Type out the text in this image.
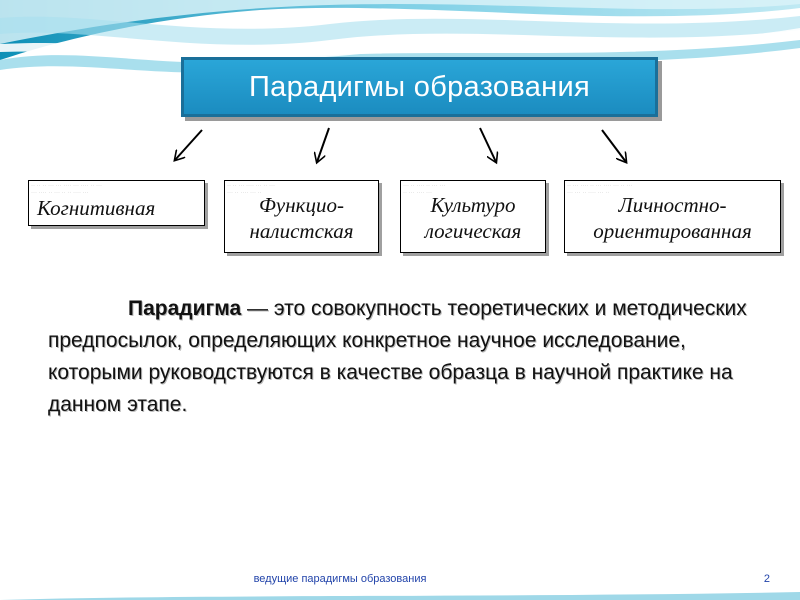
Парадигмы образования
·· ·· ·· ··· ··· ···· ··· ···· ·· ···
··· ···· ·· ··· ·· ·· ···· ···
Когнитивная
·· ·· ··· ···· ··· ·· ···
··· ·· ···· ··· ··
Функцио-
налистская
··· ·· ···· ·· ··· ···
·· ··· ···· ···
Культуро
логическая
·· ··· ···· ·· ··· ···· ··· ·· ···
··· ··· ·· ···· ··· ·· Личностно-
ориентированная
Парадигма — это совокупность теоретических и методических предпосылок, определяющих конкретное научное исследование, которыми руководствуются в качестве образца в научной практике на данном этапе.
ведущие парадигмы образования	2
